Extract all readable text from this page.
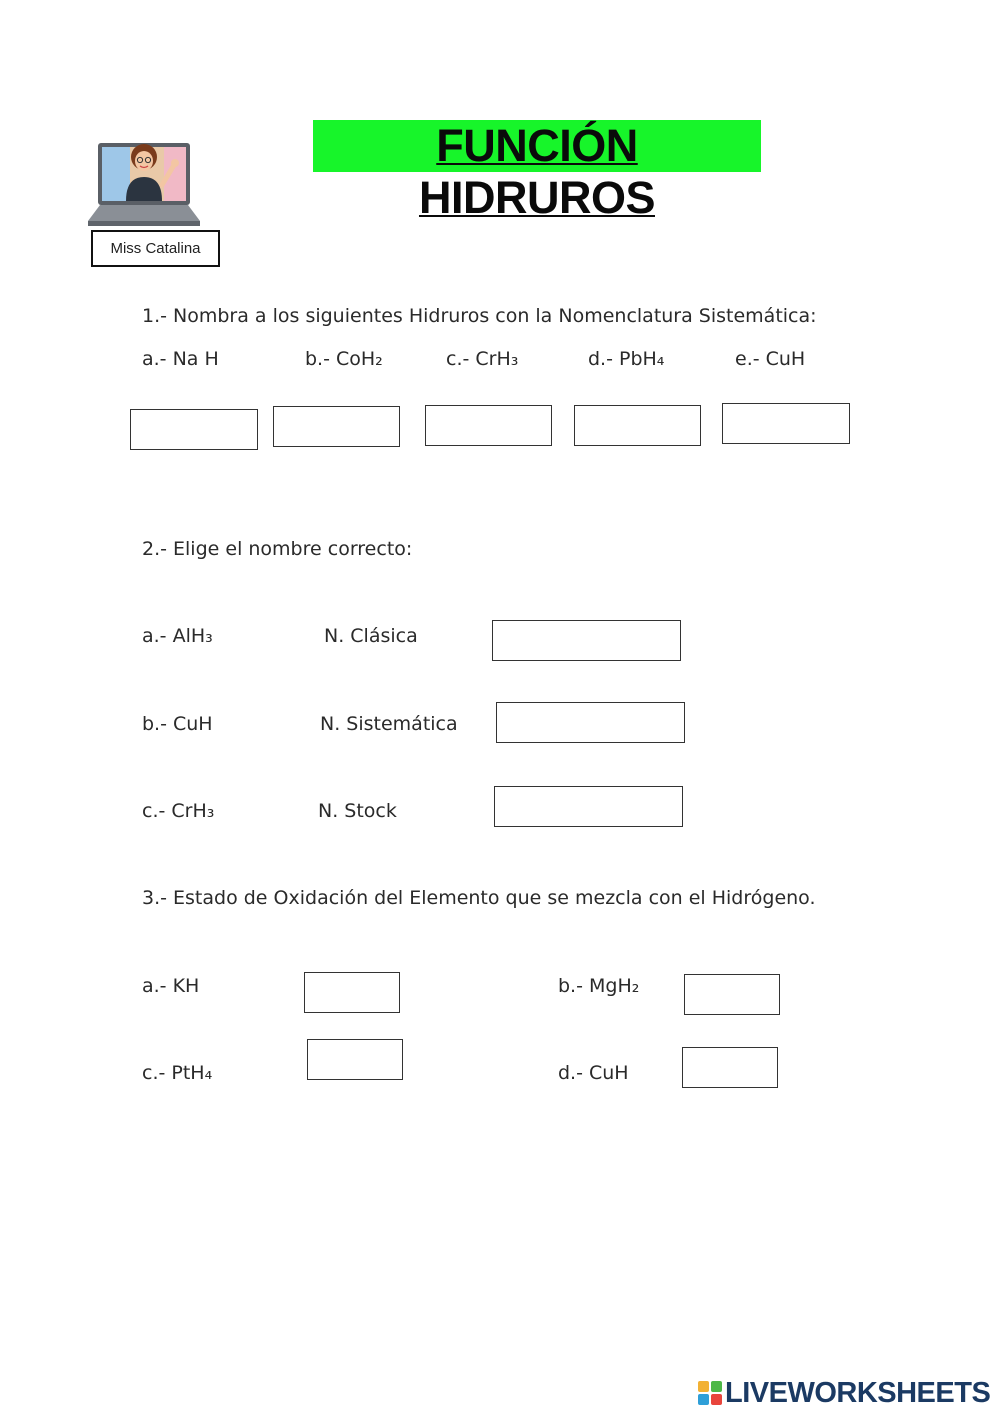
Miss Catalina
FUNCIÓN HIDRUROS
1.- Nombra a los siguientes Hidruros con la Nomenclatura Sistemática:
a.- Na H	b.- CoH₂	c.- CrH₃	d.- PbH₄	e.- CuH
2.- Elige el nombre correcto:
a.- AlH₃	N. Clásica
b.- CuH	N. Sistemática
c.- CrH₃	N. Stock
3.- Estado de Oxidación del Elemento que se mezcla con el Hidrógeno.
a.- KH	b.- MgH₂
c.- PtH₄	d.- CuH
LIVEWORKSHEETS
